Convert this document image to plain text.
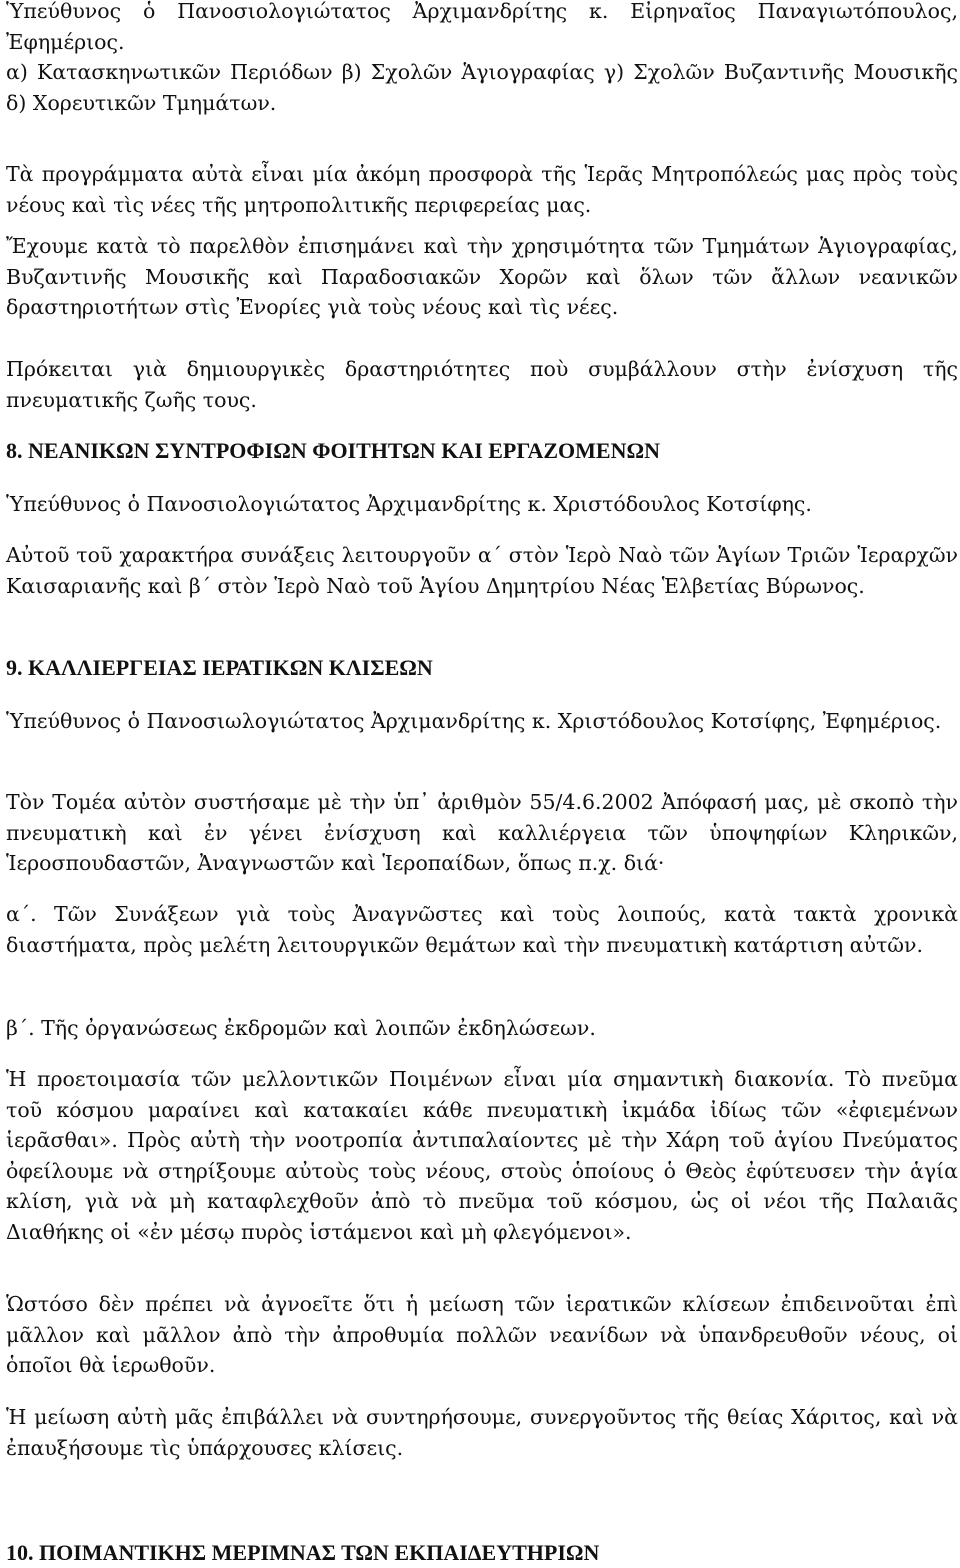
Ὑπεύθυνος ὁ Πανοσιολογιώτατος Ἀρχιμανδρίτης κ. Εἰρηναῖος Παναγιωτόπουλος, Ἐφημέριος.

α) Κατασκηνωτικῶν Περιόδων β) Σχολῶν Ἁγιογραφίας γ) Σχολῶν Βυζαντινῆς Μουσικῆς δ) Χορευτικῶν Τμημάτων.

Τὰ προγράμματα αὐτὰ εἶναι μία ἀκόμη προσφορὰ τῆς Ἱερᾶς Μητροπόλεώς μας πρὸς τοὺς νέους καὶ τὶς νέες τῆς μητροπολιτικῆς περιφερείας μας.

Ἔχουμε κατὰ τὸ παρελθὸν ἐπισημάνει καὶ τὴν χρησιμότητα τῶν Τμημάτων Ἁγιογραφίας, Βυζαντινῆς Μουσικῆς καὶ Παραδοσιακῶν Χορῶν καὶ ὅλων τῶν ἄλλων νεανικῶν δραστηριοτήτων στὶς Ἐνορίες γιὰ τοὺς νέους καὶ τὶς νέες.

Πρόκειται γιὰ δημιουργικὲς δραστηριότητες ποὺ συμβάλλουν στὴν ἐνίσχυση τῆς πνευματικῆς ζωῆς τους.

8. ΝΕΑΝΙΚΩΝ ΣΥΝΤΡΟΦΙΩΝ ΦΟΙΤΗΤΩΝ ΚΑΙ ΕΡΓΑΖΟΜΕΝΩΝ

Ὑπεύθυνος ὁ Πανοσιολογιώτατος Ἀρχιμανδρίτης κ. Χριστόδουλος Κοτσίφης.

Αὐτοῦ τοῦ χαρακτήρα συνάξεις λειτουργοῦν α΄ στὸν Ἱερὸ Ναὸ τῶν Ἁγίων Τριῶν Ἱεραρχῶν Καισαριανῆς καὶ β΄ στὸν Ἱερὸ Ναὸ τοῦ Ἁγίου Δημητρίου Νέας Ἑλβετίας Βύρωνος.

9. ΚΑΛΛΙΕΡΓΕΙΑΣ ΙΕΡΑΤΙΚΩΝ ΚΛΙΣΕΩΝ

Ὑπεύθυνος ὁ Πανοσιωλογιώτατος Ἀρχιμανδρίτης κ. Χριστόδουλος Κοτσίφης, Ἐφημέριος.

Τὸν Τομέα αὐτὸν συστήσαμε μὲ τὴν ὑπ᾽ ἀριθμὸν 55/4.6.2002 Ἀπόφασή μας, μὲ σκοπὸ τὴν πνευματικὴ καὶ ἐν γένει ἐνίσχυση καὶ καλλιέργεια τῶν ὑποψηφίων Κληρικῶν, Ἱεροσπουδαστῶν, Ἀναγνωστῶν καὶ Ἱεροπαίδων, ὅπως π.χ. διά·

α΄. Τῶν Συνάξεων γιὰ τοὺς Ἀναγνῶστες καὶ τοὺς λοιπούς, κατὰ τακτὰ χρονικὰ διαστήματα, πρὸς μελέτη λειτουργικῶν θεμάτων καὶ τὴν πνευματικὴ κατάρτιση αὐτῶν.

β΄. Τῆς ὀργανώσεως ἐκδρομῶν καὶ λοιπῶν ἐκδηλώσεων.

Ἡ προετοιμασία τῶν μελλοντικῶν Ποιμένων εἶναι μία σημαντικὴ διακονία. Τὸ πνεῦμα τοῦ κόσμου μαραίνει καὶ κατακαίει κάθε πνευματικὴ ἰκμάδα ἰδίως τῶν «ἐφιεμένων ἱερᾶσθαι». Πρὸς αὐτὴ τὴν νοοτροπία ἀντιπαλαίοντες μὲ τὴν Χάρη τοῦ ἁγίου Πνεύματος ὀφείλουμε νὰ στηρίξουμε αὐτοὺς τοὺς νέους, στοὺς ὁποίους ὁ Θεὸς ἐφύτευσεν τὴν ἁγία κλίση, γιὰ νὰ μὴ καταφλεχθοῦν ἀπὸ τὸ πνεῦμα τοῦ κόσμου, ὡς οἱ νέοι τῆς Παλαιᾶς Διαθήκης οἱ «ἐν μέσῳ πυρὸς ἱστάμενοι καὶ μὴ φλεγόμενοι».

Ὡστόσο δὲν πρέπει νὰ ἀγνοεῖτε ὅτι ἡ μείωση τῶν ἱερατικῶν κλίσεων ἐπιδεινοῦται ἐπὶ μᾶλλον καὶ μᾶλλον ἀπὸ τὴν ἀπροθυμία πολλῶν νεανίδων νὰ ὑπανδρευθοῦν νέους, οἱ ὁποῖοι θὰ ἱερωθοῦν.

Ἡ μείωση αὐτὴ μᾶς ἐπιβάλλει νὰ συντηρήσουμε, συνεργοῦντος τῆς θείας Χάριτος, καὶ νὰ ἐπαυξήσουμε τὶς ὑπάρχουσες κλίσεις.

10. ΠΟΙΜΑΝΤΙΚΗΣ ΜΕΡΙΜΝΑΣ ΤΩΝ ΕΚΠΑΙΔΕΥΤΗΡΙΩΝ
